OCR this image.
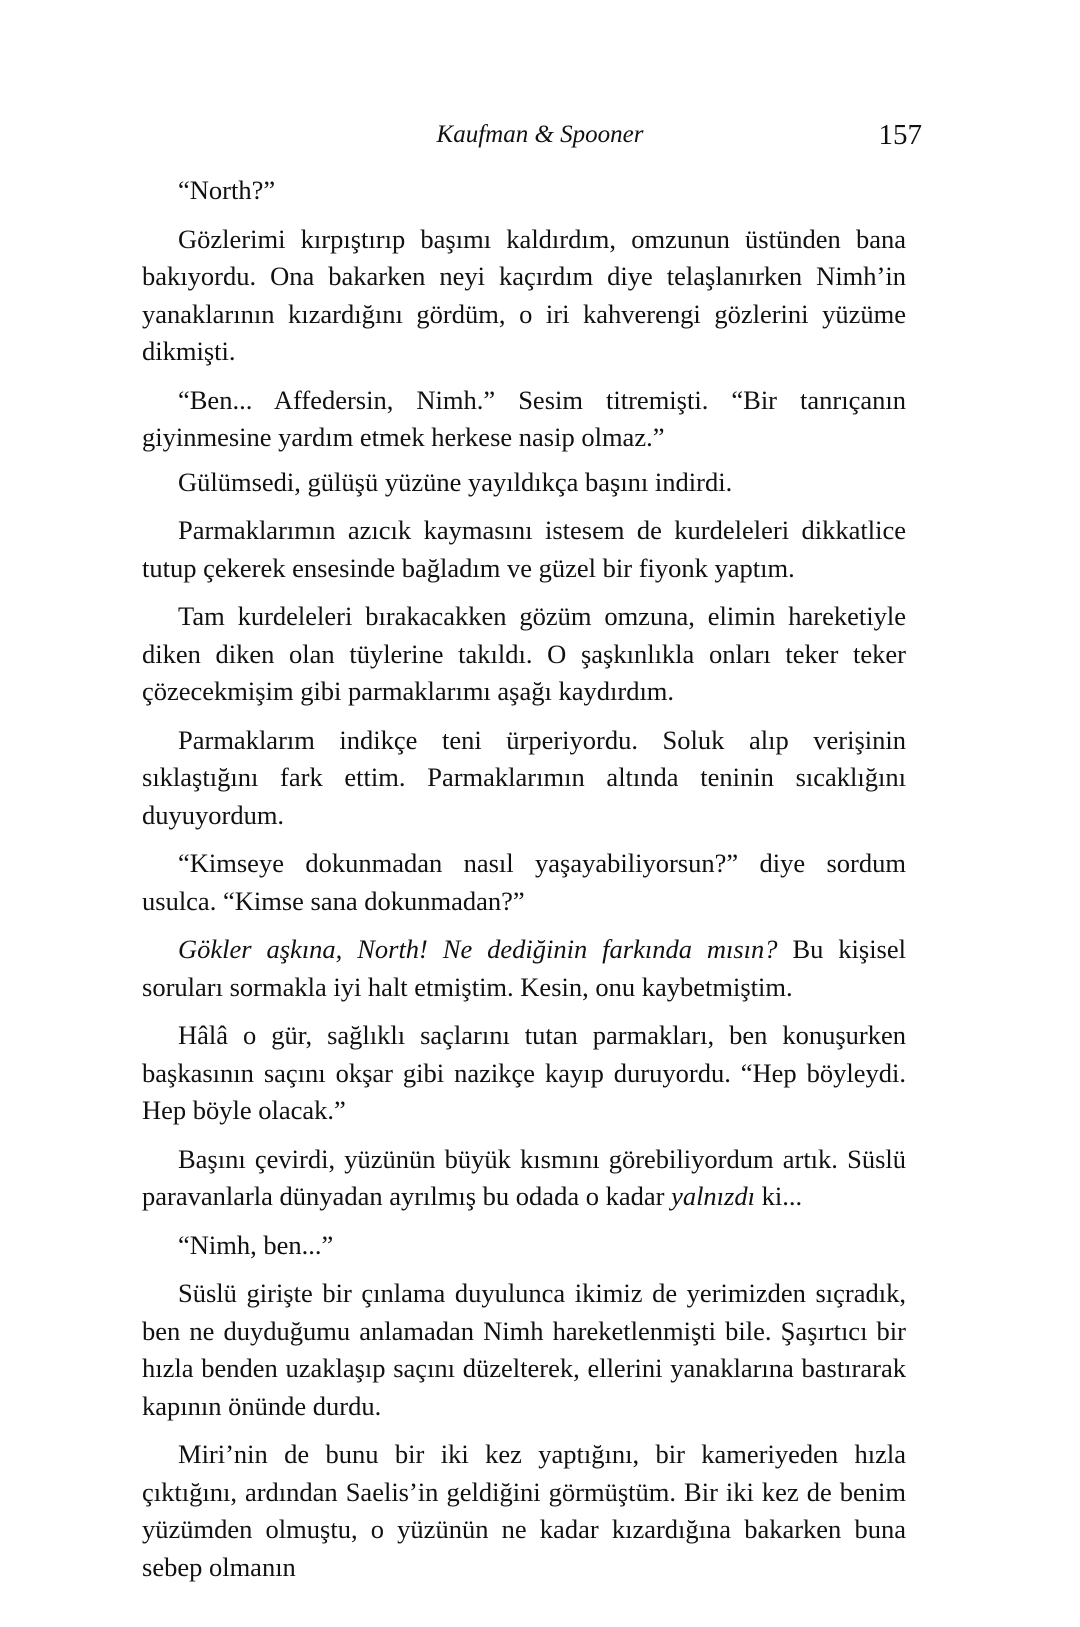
Kaufman & Spooner	157

“North?”

Gözlerimi kırpıştırıp başımı kaldırdım, omzunun üstünden bana bakıyordu. Ona bakarken neyi kaçırdım diye telaşlanırken Nimh’in yanaklarının kızardığını gördüm, o iri kahverengi gözlerini yüzüme dikmişti.

“Ben... Affedersin, Nimh.” Sesim titremişti. “Bir tanrıçanın giyinmesine yardım etmek herkese nasip olmaz.”

Gülümsedi, gülüşü yüzüne yayıldıkça başını indirdi.

Parmaklarımın azıcık kaymasını istesem de kurdeleleri dikkatlice tutup çekerek ensesinde bağladım ve güzel bir fiyonk yaptım.

Tam kurdeleleri bırakacakken gözüm omzuna, elimin hareketiyle diken diken olan tüylerine takıldı. O şaşkınlıkla onları teker teker çözecekmişim gibi parmaklarımı aşağı kaydırdım.

Parmaklarım indikçe teni ürperiyordu. Soluk alıp verişinin sıklaştığını fark ettim. Parmaklarımın altında teninin sıcaklığını duyuyordum.

“Kimseye dokunmadan nasıl yaşayabiliyorsun?” diye sordum usulca. “Kimse sana dokunmadan?”

Gökler aşkına, North! Ne dediğinin farkında mısın? Bu kişisel soruları sormakla iyi halt etmiştim. Kesin, onu kaybetmiştim.

Hâlâ o gür, sağlıklı saçlarını tutan parmakları, ben konuşurken başkasının saçını okşar gibi nazikçe kayıp duruyordu. “Hep böyleydi. Hep böyle olacak.”

Başını çevirdi, yüzünün büyük kısmını görebiliyordum artık. Süslü paravanlarla dünyadan ayrılmış bu odada o kadar yalnızdı ki...

“Nimh, ben...”

Süslü girişte bir çınlama duyulunca ikimiz de yerimizden sıçradık, ben ne duyduğumu anlamadan Nimh hareketlenmişti bile. Şaşırtıcı bir hızla benden uzaklaşıp saçını düzelterek, ellerini yanaklarına bastırarak kapının önünde durdu.

Miri’nin de bunu bir iki kez yaptığını, bir kameriyeden hızla çıktığını, ardından Saelis’in geldiğini görmüştüm. Bir iki kez de benim yüzümden olmuştu, o yüzünün ne kadar kızardığına bakarken buna sebep olmanın
